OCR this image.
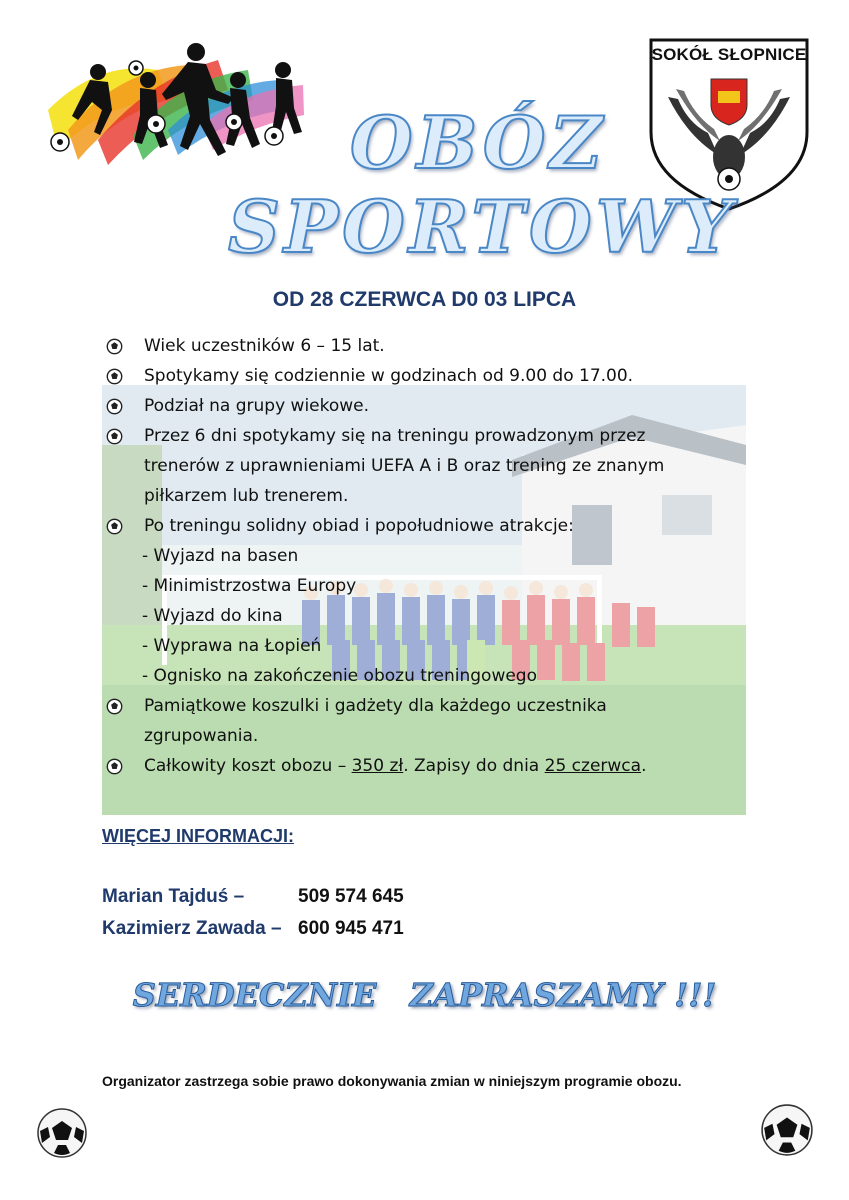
SOKÓŁ SŁOPNICE
OBÓZ
SPORTOWY
OD 28 CZERWCA D0 03 LIPCA
Wiek uczestników 6 – 15 lat.
Spotykamy się codziennie w godzinach od 9.00 do 17.00.
Podział na grupy wiekowe.
Przez 6 dni spotykamy się na treningu prowadzonym przez
trenerów z uprawnieniami UEFA A i B oraz trening ze znanym
piłkarzem lub trenerem.
Po treningu solidny obiad i popołudniowe atrakcje:
- Wyjazd na basen
- Minimistrzostwa Europy
- Wyjazd do kina
- Wyprawa na Łopień
- Ognisko na zakończenie obozu treningowego
Pamiątkowe koszulki i gadżety dla każdego uczestnika
zgrupowania.
Całkowity koszt obozu – 350 zł. Zapisy do dnia 25 czerwca.
WIĘCEJ INFORMACJI:
Marian Tajduś –	509 574 645
Kazimierz Zawada – 600 945 471
SERDECZNIE   ZAPRASZAMY !!!
Organizator zastrzega sobie prawo dokonywania zmian w niniejszym programie obozu.
